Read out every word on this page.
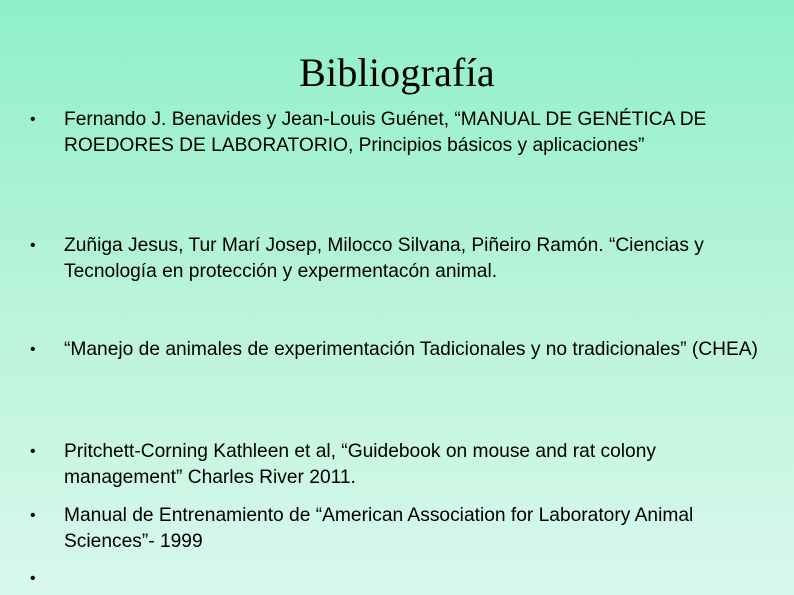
Bibliografía
•	Fernando J. Benavides y Jean-Louis Guénet, “MANUAL DE GENÉTICA DE ROEDORES DE LABORATORIO, Principios básicos y aplicaciones”
•	Zuñiga Jesus, Tur Marí Josep, Milocco Silvana, Piñeiro Ramón. “Ciencias y Tecnología en protección y expermentacón animal.
•	“Manejo de animales de experimentación Tadicionales y no tradicionales” (CHEA)
•	Pritchett-Corning Kathleen et al, “Guidebook on mouse and rat colony management” Charles River 2011.
•	Manual de Entrenamiento de “American Association for Laboratory Animal Sciences”- 1999
•
